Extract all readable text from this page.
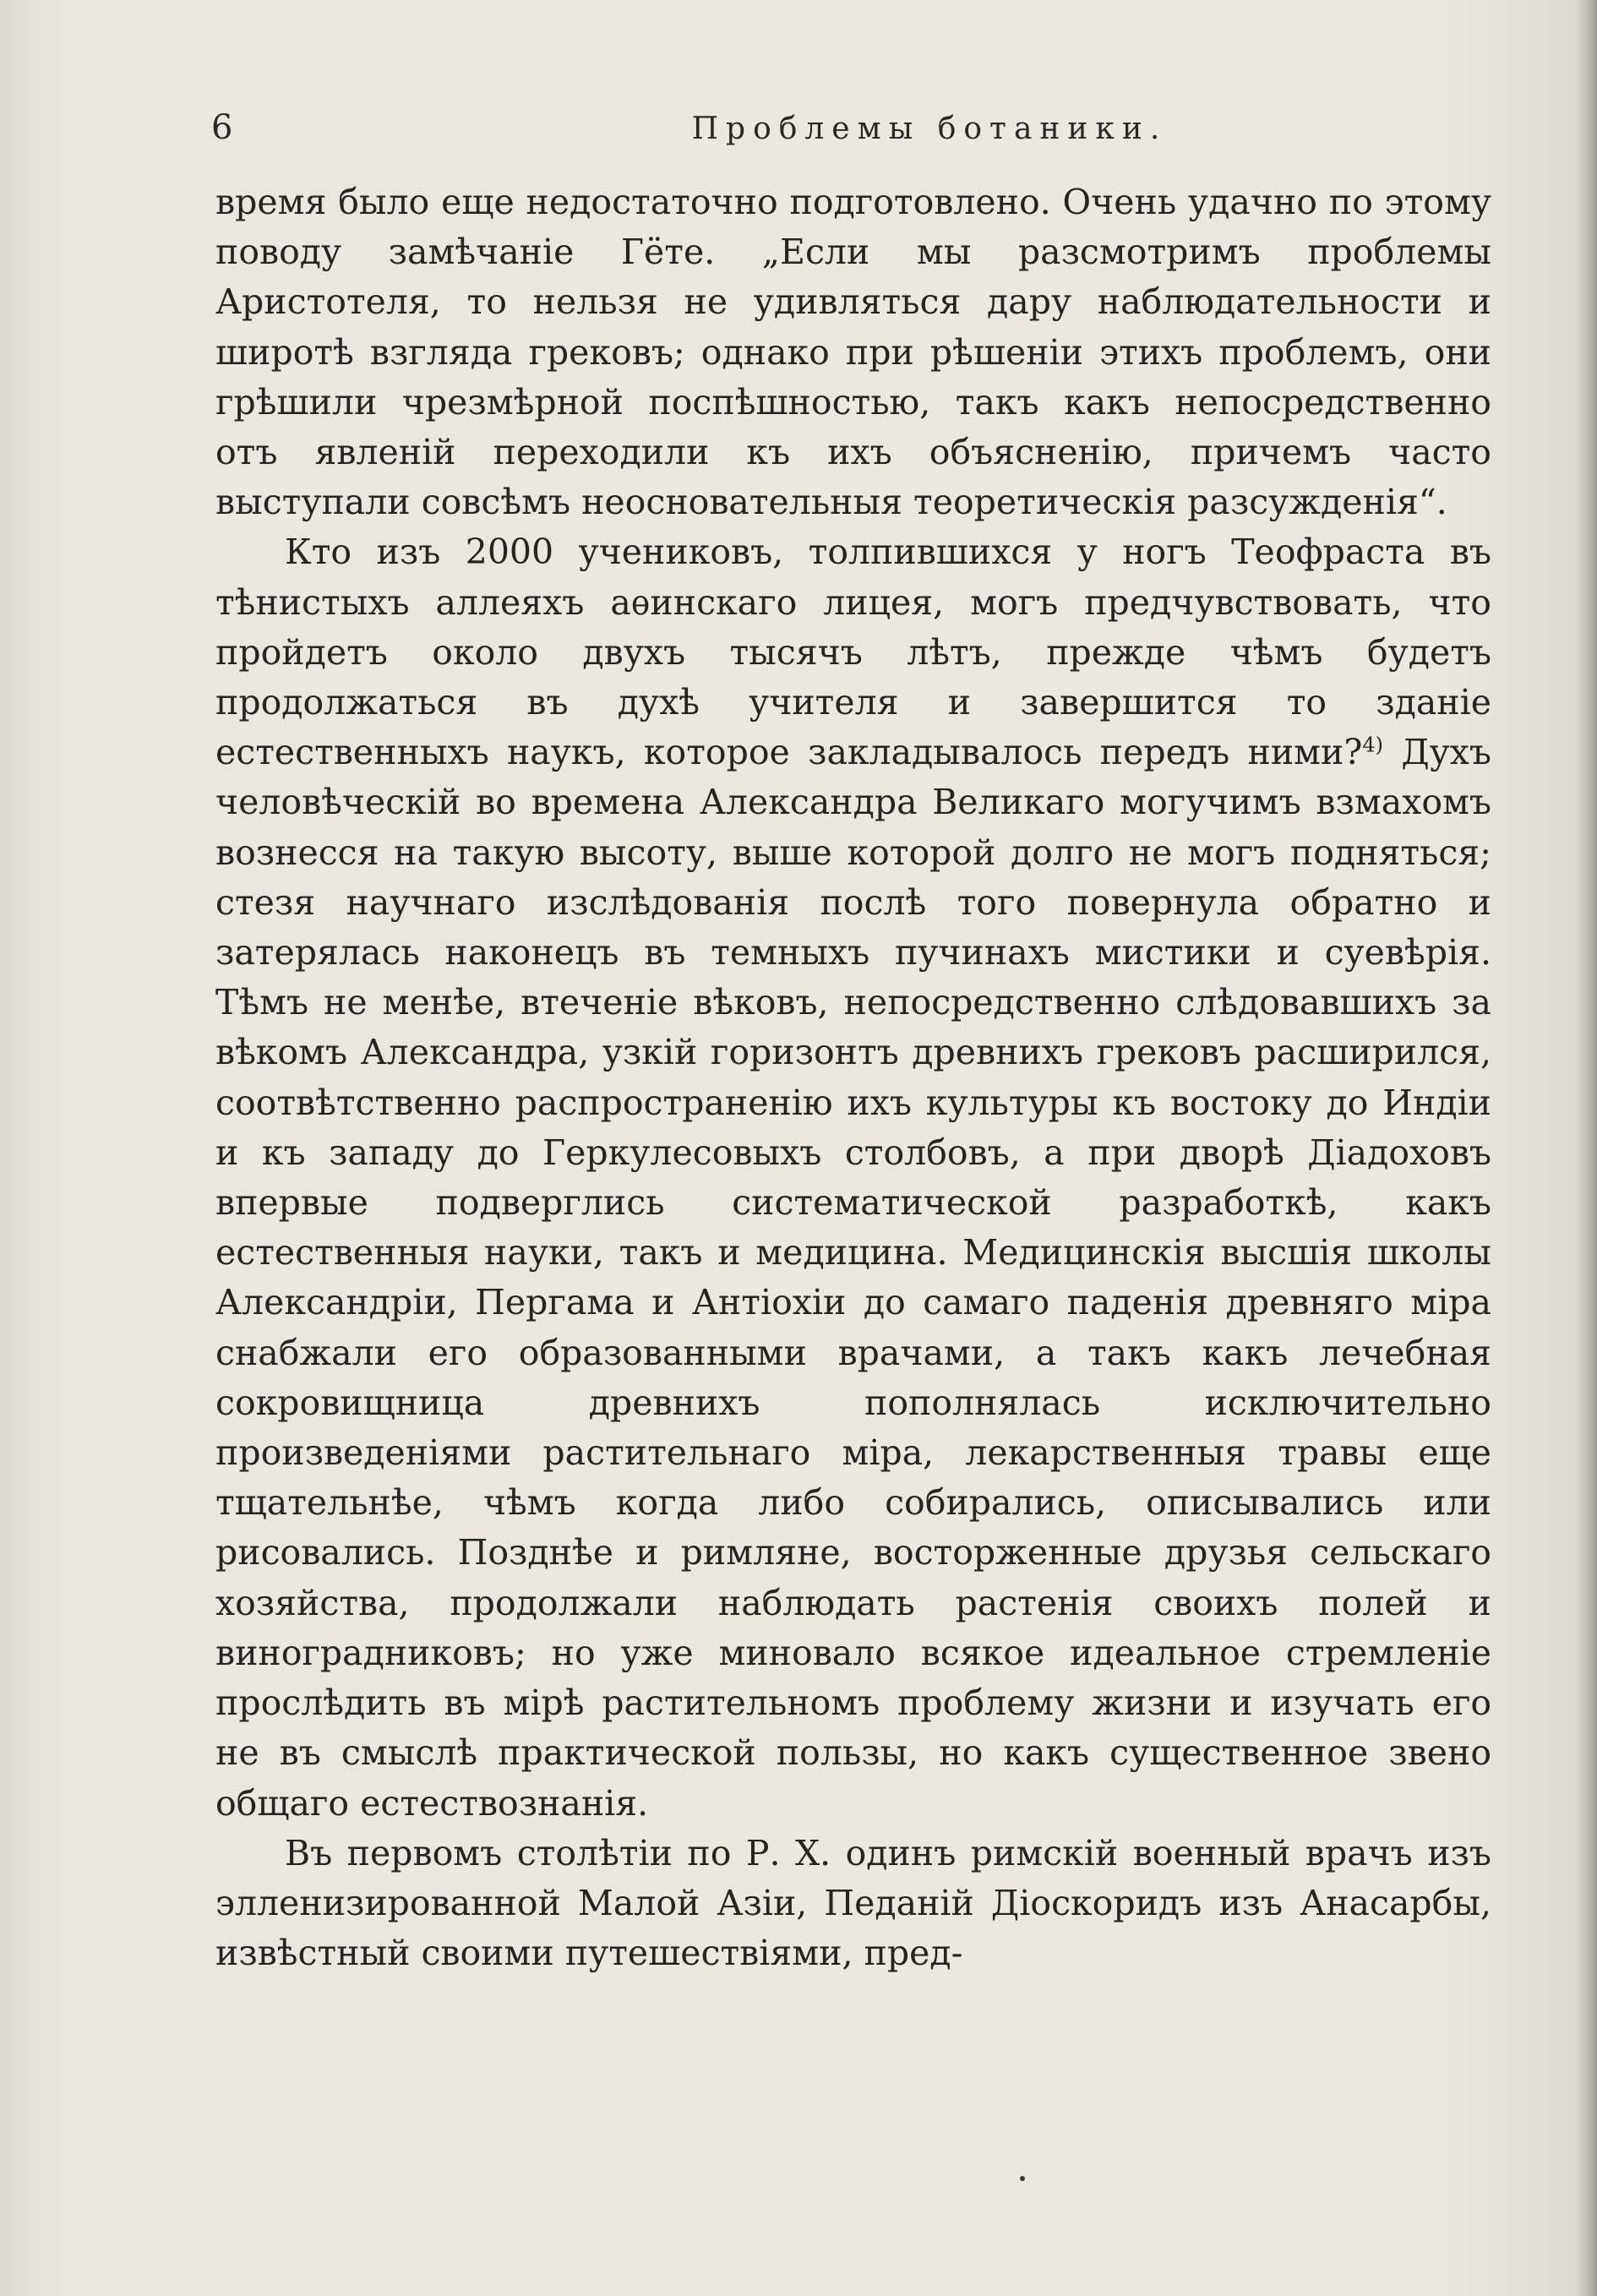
6	Проблемы ботаники.

время было еще недостаточно подготовлено. Очень удачно по этому поводу замѣчаніе Гёте. „Если мы разсмотримъ проблемы Аристотеля, то нельзя не удивляться дару наблюдательности и широтѣ взгляда грековъ; однако при рѣшеніи этихъ проблемъ, они грѣшили чрезмѣрной поспѣшностью, такъ какъ непосредственно отъ явленій переходили къ ихъ объясненію, причемъ часто выступали совсѣмъ неосновательныя теоретическія разсужденія“.

Кто изъ 2000 учениковъ, толпившихся у ногъ Теофраста въ тѣнистыхъ аллеяхъ аѳинскаго лицея, могъ предчувствовать, что пройдетъ около двухъ тысячъ лѣтъ, прежде чѣмъ будетъ продолжаться въ духѣ учителя и завершится то зданіе естественныхъ наукъ, которое закладывалось передъ ними?$^{4)}$ Духъ человѣческій во времена Александра Великаго могучимъ взмахомъ вознесся на такую высоту, выше которой долго не могъ подняться; стезя научнаго изслѣдованія послѣ того повернула обратно и затерялась наконецъ въ темныхъ пучинахъ мистики и суевѣрія. Тѣмъ не менѣе, втеченіе вѣковъ, непосредственно слѣдовавшихъ за вѣкомъ Александра, узкій горизонтъ древнихъ грековъ расширился, соотвѣтственно распространенію ихъ культуры къ востоку до Индіи и къ западу до Геркулесовыхъ столбовъ, а при дворѣ Діадоховъ впервые подверглись систематической разработкѣ, какъ естественныя науки, такъ и медицина. Медицинскія высшія школы Александріи, Пергама и Антіохіи до самаго паденія древняго міра снабжали его образованными врачами, а такъ какъ лечебная сокровищница древнихъ пополнялась исключительно произведеніями растительнаго міра, лекарственныя травы еще тщательнѣе, чѣмъ когда либо собирались, описывались или рисовались. Позднѣе и римляне, восторженные друзья сельскаго хозяйства, продолжали наблюдать растенія своихъ полей и виноградниковъ; но уже миновало всякое идеальное стремленіе прослѣдить въ мірѣ растительномъ проблему жизни и изучать его не въ смыслѣ практической пользы, но какъ существенное звено общаго естествознанія.

Въ первомъ столѣтіи по Р. Х. одинъ римскій военный врачъ изъ элленизированной Малой Азіи, Педаній Діоскоридъ изъ Анасарбы, извѣстный своими путешествіями, пред-
